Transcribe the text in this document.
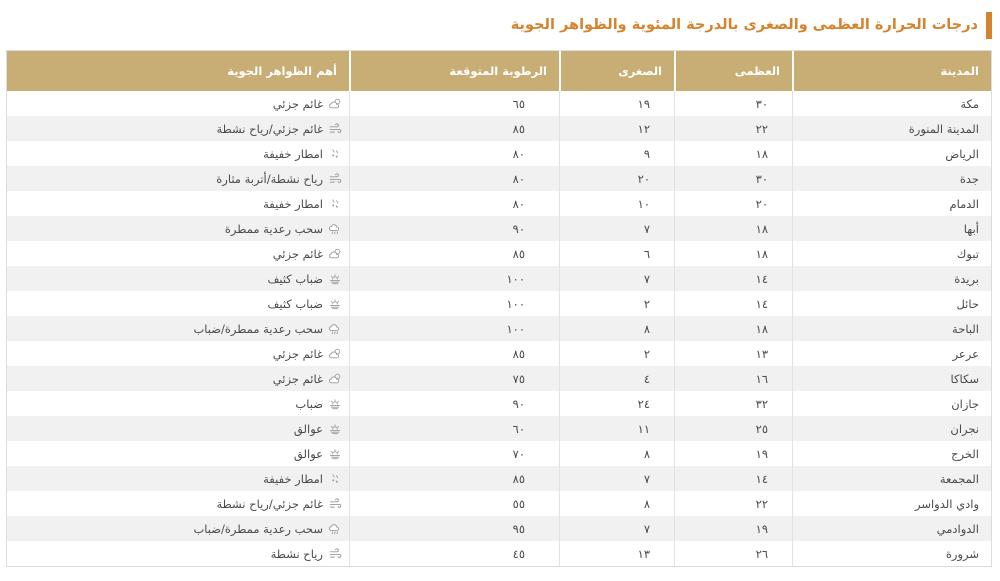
درجات الحرارة العظمى والصغرى بالدرجة المئوية والظواهر الجوية
المدينة	العظمى	الصغرى	الرطوبة المتوقعة	أهم الظواهر الجوية
مكة	٣٠	١٩	٦٥	غائم جزئي

المدينة المنورة	٢٢	١٢	٨٥	غائم جزئي/رياح نشطة

الرياض	١٨	٩	٨٠	امطار خفيفة

جدة	٣٠	٢٠	٨٠	رياح نشطة/أتربة مثارة

الدمام	٢٠	١٠	٨٠	امطار خفيفة

أبها	١٨	٧	٩٠	سحب رعدية ممطرة

تبوك	١٨	٦	٨٥	غائم جزئي

بريدة	١٤	٧	١٠٠	ضباب كثيف

حائل	١٤	٢	١٠٠	ضباب كثيف

الباحة	١٨	٨	١٠٠	سحب رعدية ممطرة/ضباب

عرعر	١٣	٢	٨٥	غائم جزئي

سكاكا	١٦	٤	٧٥	غائم جزئي

جازان	٣٢	٢٤	٩٠	ضباب

نجران	٢٥	١١	٦٠	عوالق

الخرج	١٩	٨	٧٠	عوالق

المجمعة	١٤	٧	٨٥	امطار خفيفة

وادي الدواسر	٢٢	٨	٥٥	غائم جزئي/رياح نشطة

الدوادمي	١٩	٧	٩٥	سحب رعدية ممطرة/ضباب

شرورة	٢٦	١٣	٤٥	رياح نشطة
